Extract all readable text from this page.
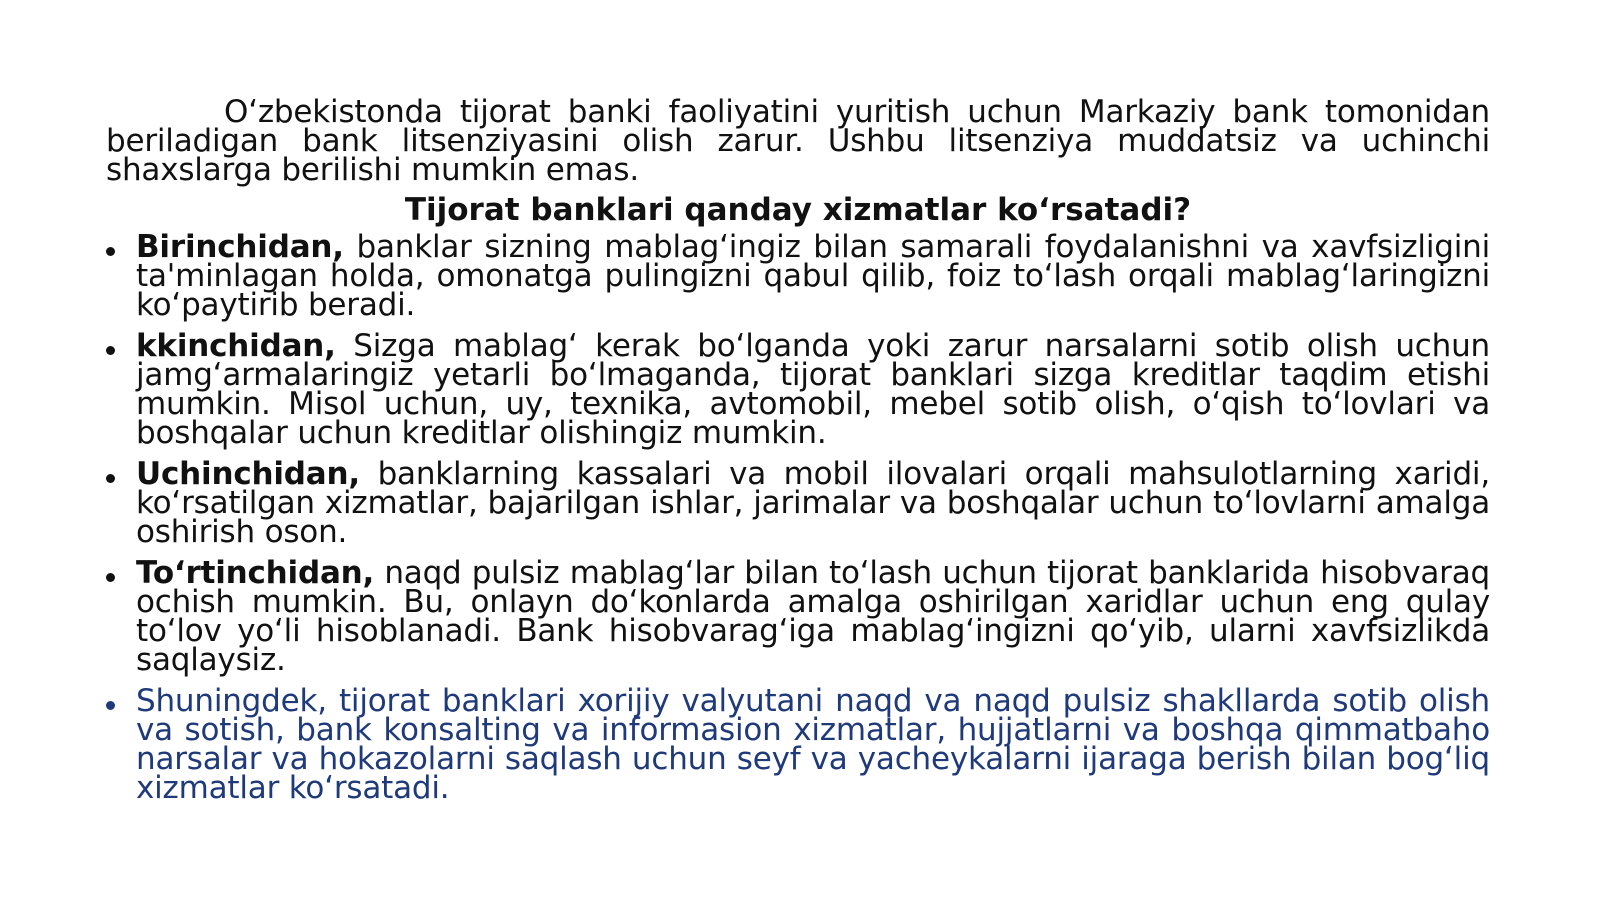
O‘zbekistonda tijorat banki faoliyatini yuritish uchun Markaziy bank tomonidan beriladigan bank litsenziyasini olish zarur. Ushbu litsenziya muddatsiz va uchinchi shaxslarga berilishi mumkin emas.

Tijorat banklari qanday xizmatlar ko‘rsatadi?
Birinchidan, banklar sizning mablag‘ingiz bilan samarali foydalanishni va xavfsizligini ta'minlagan holda, omonatga pulingizni qabul qilib, foiz to‘lash orqali mablag‘laringizni ko‘paytirib beradi.
kkinchidan, Sizga mablag‘ kerak bo‘lganda yoki zarur narsalarni sotib olish uchun jamg‘armalaringiz yetarli bo‘lmaganda, tijorat banklari sizga kreditlar taqdim etishi mumkin. Misol uchun, uy, texnika, avtomobil, mebel sotib olish, o‘qish to‘lovlari va boshqalar uchun kreditlar olishingiz mumkin.
Uchinchidan, banklarning kassalari va mobil ilovalari orqali mahsulotlarning xaridi, ko‘rsatilgan xizmatlar, bajarilgan ishlar, jarimalar va boshqalar uchun to‘lovlarni amalga oshirish oson.
To‘rtinchidan, naqd pulsiz mablag‘lar bilan to‘lash uchun tijorat banklarida hisobvaraq ochish mumkin. Bu, onlayn do‘konlarda amalga oshirilgan xaridlar uchun eng qulay to‘lov yo‘li hisoblanadi. Bank hisobvarag‘iga mablag‘ingizni qo‘yib, ularni xavfsizlikda saqlaysiz.
Shuningdek, tijorat banklari xorijiy valyutani naqd va naqd pulsiz shakllarda sotib olish va sotish, bank konsalting va informasion xizmatlar, hujjatlarni va boshqa qimmatbaho narsalar va hokazolarni saqlash uchun seyf va yacheykalarni ijaraga berish bilan bog‘liq xizmatlar ko‘rsatadi.
